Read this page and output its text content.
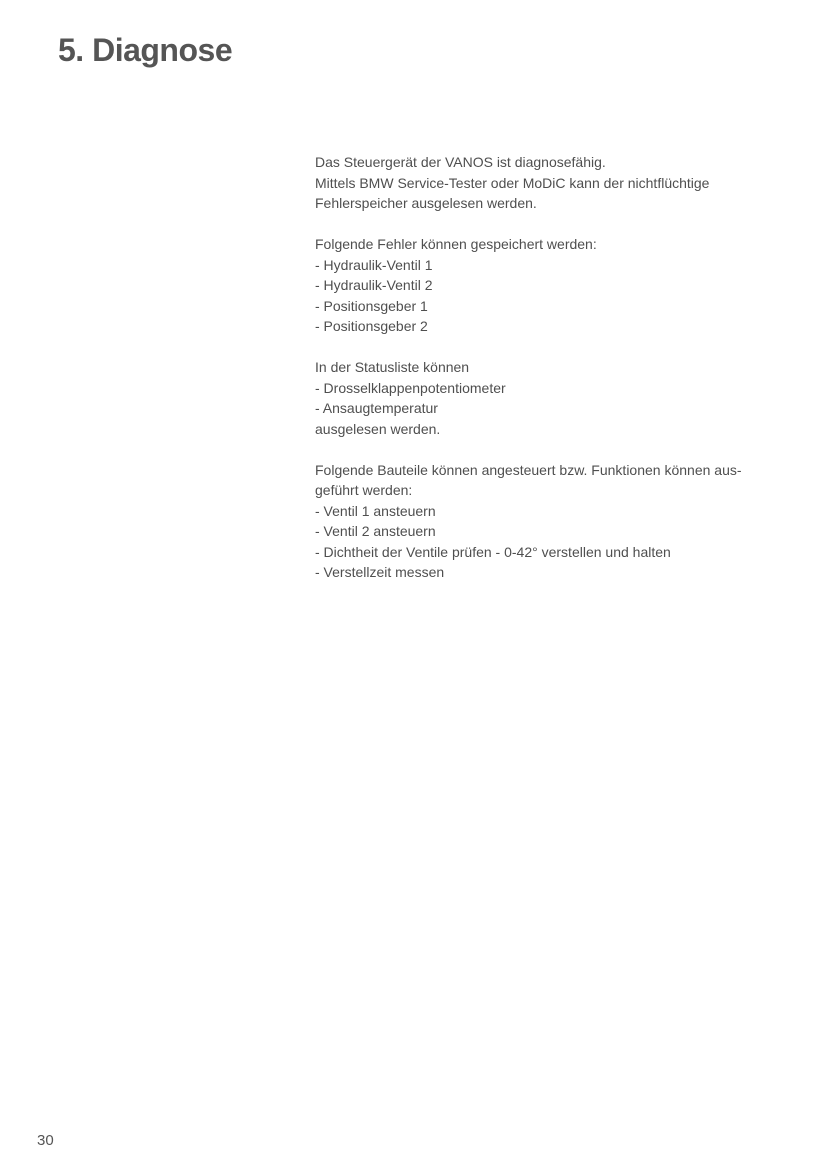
5. Diagnose

Das Steuergerät der VANOS ist diagnosefähig.
Mittels BMW Service-Tester oder MoDiC kann der nichtflüchtige
Fehlerspeicher ausgelesen werden.

Folgende Fehler können gespeichert werden:
- Hydraulik-Ventil 1
- Hydraulik-Ventil 2
- Positionsgeber 1
- Positionsgeber 2
In der Statusliste können
- Drosselklappenpotentiometer
- Ansaugtemperatur
ausgelesen werden.
Folgende Bauteile können angesteuert bzw. Funktionen können aus-
geführt werden:
- Ventil 1 ansteuern
- Ventil 2 ansteuern
- Dichtheit der Ventile prüfen - 0-42° verstellen und halten
- Verstellzeit messen
30
